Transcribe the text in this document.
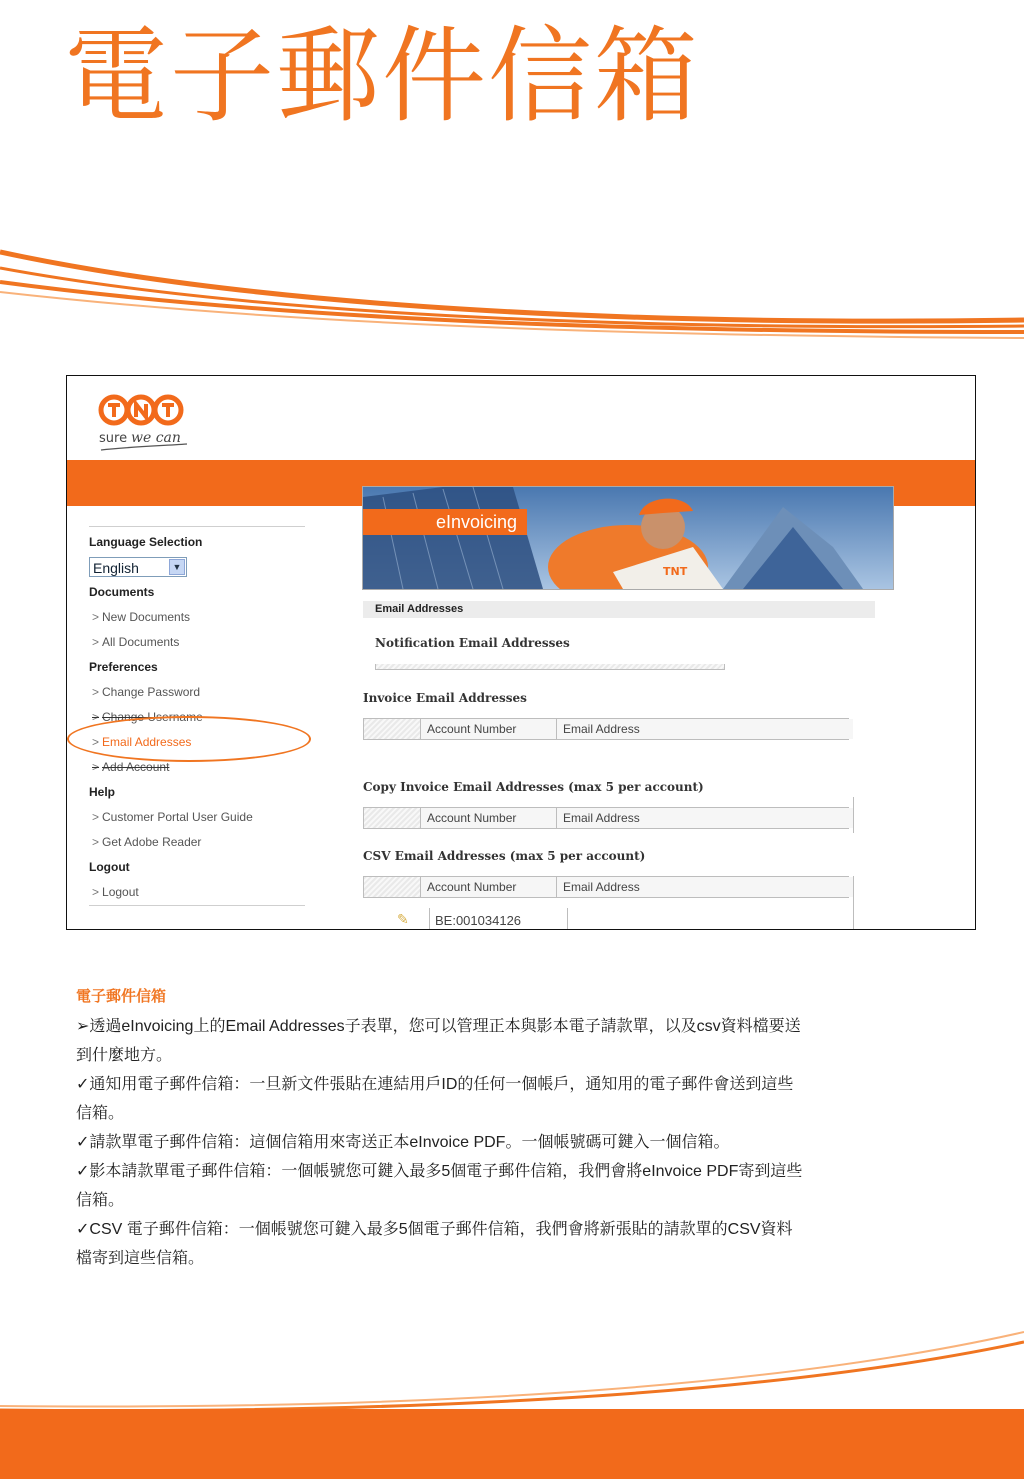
電子郵件信箱
sure we can
Language Selection
English	▼
Documents
> New Documents
> All Documents
Preferences
> Change Password
> Change Username
> Email Addresses
> Add Account
Help
> Customer Portal User Guide
> Get Adobe Reader
Logout
> Logout
TNT
eInvoicing
Email Addresses
Notification Email Addresses
Invoice Email Addresses
Account Number	Email Address
Copy Invoice Email Addresses (max 5 per account)
Account Number	Email Address
CSV Email Addresses (max 5 per account)
Account Number	Email Address
✎ BE:001034126
電子郵件信箱

➢透過eInvoicing上的Email Addresses子表單，您可以管理正本與影本電子請款單，以及csv資料檔要送

到什麼地方。

✓通知用電子郵件信箱：一旦新文件張貼在連結用戶ID的任何一個帳戶，通知用的電子郵件會送到這些

信箱。

✓請款單電子郵件信箱：這個信箱用來寄送正本eInvoice PDF。一個帳號碼可鍵入一個信箱。

✓影本請款單電子郵件信箱：一個帳號您可鍵入最多5個電子郵件信箱，我們會將eInvoice PDF寄到這些

信箱。

✓CSV 電子郵件信箱：一個帳號您可鍵入最多5個電子郵件信箱，我們會將新張貼的請款單的CSV資料

檔寄到這些信箱。
